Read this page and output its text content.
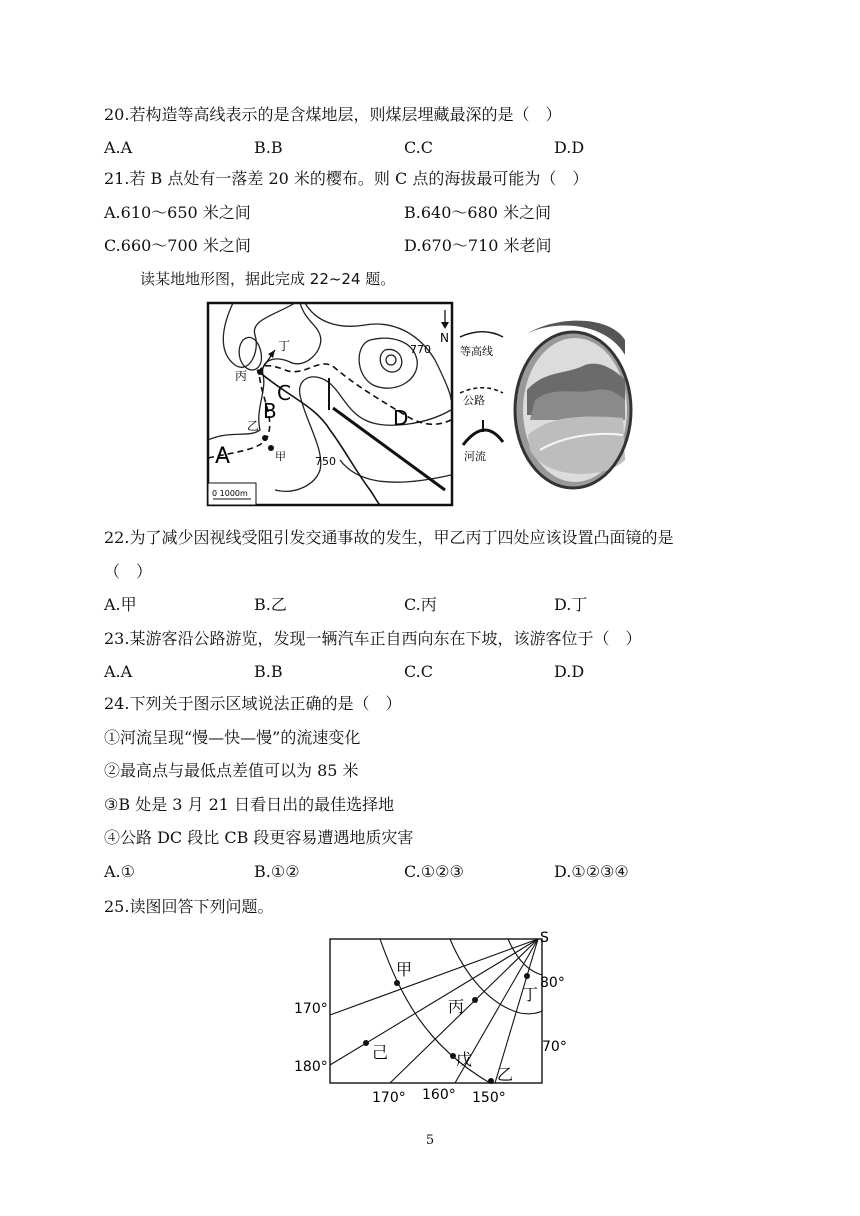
20.若构造等高线表示的是含煤地层，则煤层埋藏最深的是（　）
A.A	B.B	C.C	D.D
21.若 B 点处有一落差 20 米的樱布。则 C 点的海拔最可能为（　）
A.610～650 米之间	B.640～680 米之间
C.660～700 米之间	D.670～710 米老间
读某地地形图，据此完成 22~24 题。
丁
丙
乙
甲
A
B
C
D
770
750
N
0 1000m
等高线
公路
河流
22.为了减少因视线受阻引发交通事故的发生，甲乙丙丁四处应该设置凸面镜的是
（　）
A.甲	B.乙	C.丙	D.丁
23.某游客沿公路游览，发现一辆汽车正自西向东在下坡，该游客位于（　）
A.A	B.B	C.C	D.D
24.下列关于图示区域说法正确的是（　）
①河流呈现“慢—快—慢”的流速变化
②最高点与最低点差值可以为 85 米
③B 处是 3 月 21 日看日出的最佳选择地
④公路 DC 段比 CB 段更容易遭遇地质灾害
A.①	B.①②	C.①②③	D.①②③④
25.读图回答下列问题。
S
甲
丙
丁
己	戊
乙
80°
70°
170°
180°
170° 160° 150°
5
